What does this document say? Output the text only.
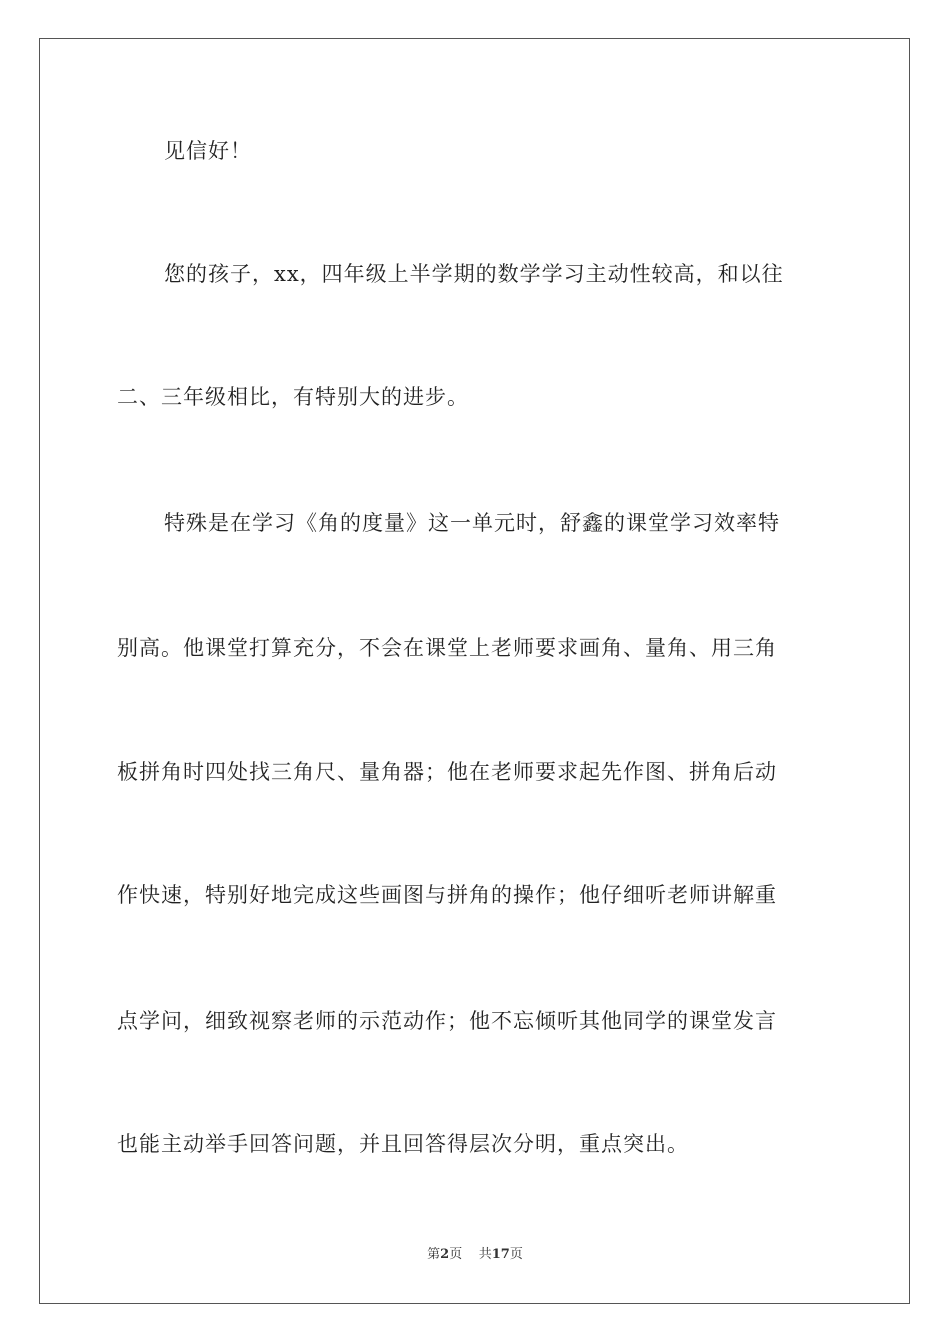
见信好！
您的孩子，xx，四年级上半学期的数学学习主动性较高，和以往
二、三年级相比，有特别大的进步。
特殊是在学习《角的度量》这一单元时，舒鑫的课堂学习效率特
别高。他课堂打算充分，不会在课堂上老师要求画角、量角、用三角
板拼角时四处找三角尺、量角器；他在老师要求起先作图、拼角后动
作快速，特别好地完成这些画图与拼角的操作；他仔细听老师讲解重
点学问，细致视察老师的示范动作；他不忘倾听其他同学的课堂发言
也能主动举手回答问题，并且回答得层次分明，重点突出。
第2页 共17页
